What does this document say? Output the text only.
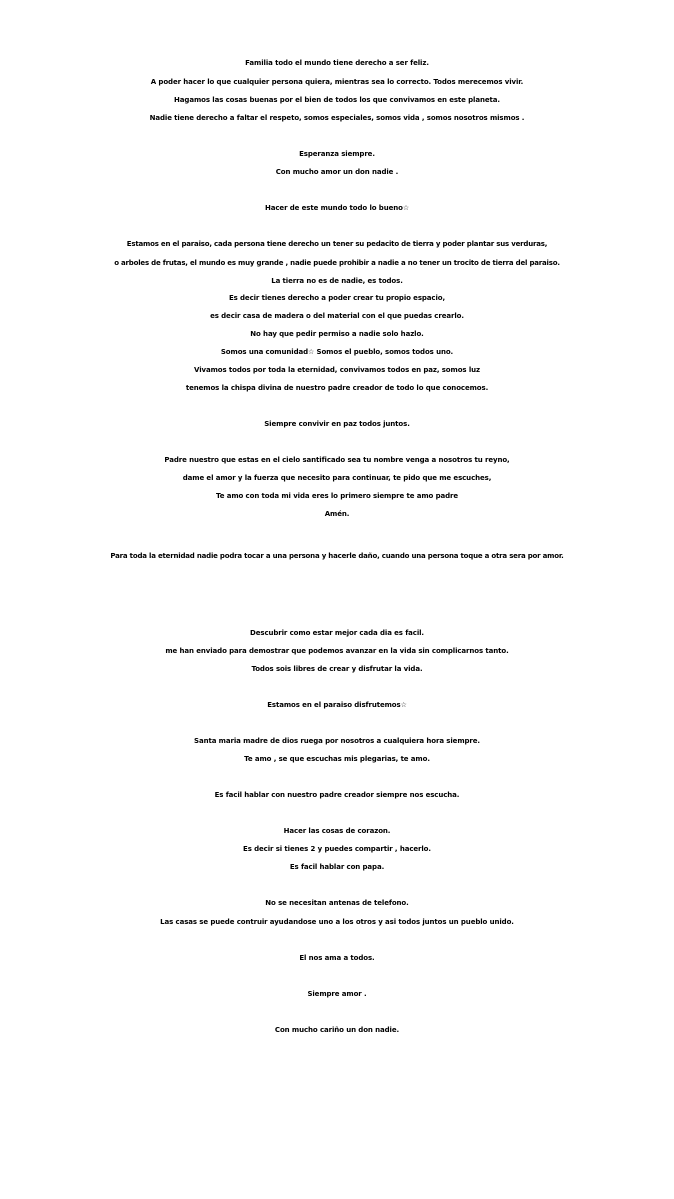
Familia todo el mundo tiene derecho a ser feliz.
A poder hacer lo que cualquier persona quiera, mientras sea lo correcto. Todos merecemos vivir.
Hagamos las cosas buenas por el bien de todos los que convivamos en este planeta.
Nadie tiene derecho a faltar el respeto, somos especiales, somos vida , somos nosotros mismos .
Esperanza siempre.
Con mucho amor un don nadie .
Hacer de este mundo todo lo bueno☆
Estamos en el paraiso, cada persona tiene derecho un tener su pedacito de tierra y poder plantar sus verduras,
o arboles de frutas, el mundo es muy grande , nadie puede prohibir a nadie a no tener un trocito de tierra del paraiso.
La tierra no es de nadie, es todos.
Es decir tienes derecho a poder crear tu propio espacio,
es decir casa de madera o del material con el que puedas crearlo.
No hay que pedir permiso a nadie solo hazlo.
Somos una comunidad☆ Somos el pueblo, somos todos uno.
Vivamos todos por toda la eternidad, convivamos todos en paz, somos luz
tenemos la chispa divina de nuestro padre creador de todo lo que conocemos.
Siempre convivir en paz todos juntos.
Padre nuestro que estas en el cielo santificado sea tu nombre venga a nosotros tu reyno,
dame el amor y la fuerza que necesito para continuar, te pido que me escuches,
Te amo con toda mi vida eres lo primero siempre te amo padre
Amén.
Para toda la eternidad nadie podra tocar a una persona y hacerle daño, cuando una persona toque a otra sera por amor.
Descubrir como estar mejor cada dia es facil.
me han enviado para demostrar que podemos avanzar en la vida sin complicarnos tanto.
Todos sois libres de crear y disfrutar la vida.
Estamos en el paraiso disfrutemos☆
Santa maria madre de dios ruega por nosotros a cualquiera hora siempre.
Te amo , se que escuchas mis plegarias, te amo.
Es facil hablar con nuestro padre creador siempre nos escucha.
Hacer las cosas de corazon.
Es decir si tienes 2 y puedes compartir , hacerlo.
Es facil hablar con papa.
No se necesitan antenas de telefono.
Las casas se puede contruir ayudandose uno a los otros y asi todos juntos un pueblo unido.
El nos ama a todos.
Siempre amor .
Con mucho cariño un don nadie.
